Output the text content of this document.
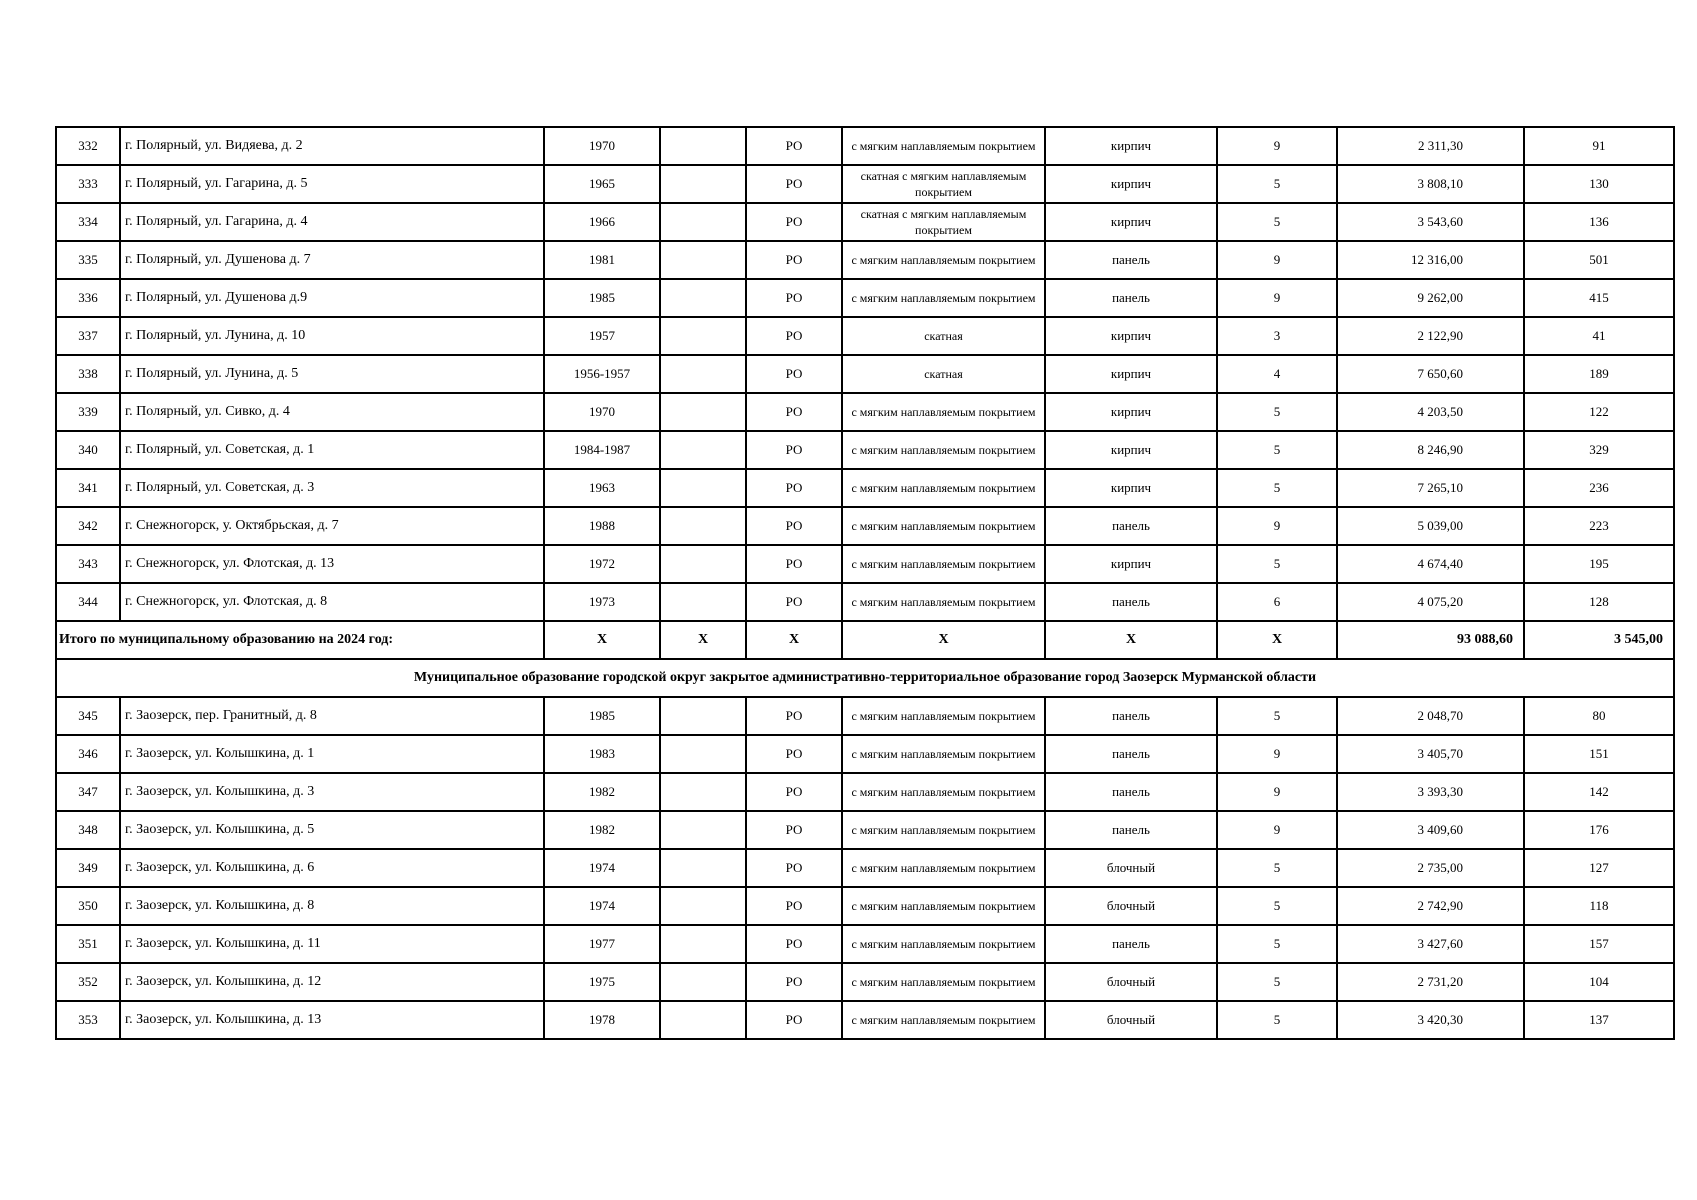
332	г. Полярный, ул. Видяева, д. 2	1970		РО	с мягким наплавляемым покрытием	кирпич	9	2 311,30	91
333	г. Полярный, ул. Гагарина, д. 5	1965		РО	скатная с мягким наплавляемым покрытием	кирпич	5	3 808,10	130
334	г. Полярный, ул. Гагарина, д. 4	1966		РО	скатная с мягким наплавляемым покрытием	кирпич	5	3 543,60	136
335	г. Полярный, ул. Душенова д. 7	1981		РО	с мягким наплавляемым покрытием	панель	9	12 316,00	501
336	г. Полярный, ул. Душенова д.9	1985		РО	с мягким наплавляемым покрытием	панель	9	9 262,00	415
337	г. Полярный, ул. Лунина, д. 10	1957		РО	скатная	кирпич	3	2 122,90	41
338	г. Полярный, ул. Лунина, д. 5	1956-1957		РО	скатная	кирпич	4	7 650,60	189
339	г. Полярный, ул. Сивко, д. 4	1970		РО	с мягким наплавляемым покрытием	кирпич	5	4 203,50	122
340	г. Полярный, ул. Советская, д. 1	1984-1987		РО	с мягким наплавляемым покрытием	кирпич	5	8 246,90	329
341	г. Полярный, ул. Советская, д. 3	1963		РО	с мягким наплавляемым покрытием	кирпич	5	7 265,10	236
342	г. Снежногорск, у. Октябрьская, д. 7	1988		РО	с мягким наплавляемым покрытием	панель	9	5 039,00	223
343	г. Снежногорск, ул. Флотская, д. 13	1972		РО	с мягким наплавляемым покрытием	кирпич	5	4 674,40	195
344	г. Снежногорск, ул. Флотская, д. 8	1973		РО	с мягким наплавляемым покрытием	панель	6	4 075,20	128
Итого по муниципальному образованию на 2024 год:		Х	Х	Х	Х	Х	Х	93 088,60	3 545,00
Муниципальное образование городской округ закрытое административно-территориальное образование город Заозерск Мурманской области									
345	г. Заозерск, пер. Гранитный, д. 8	1985		РО	с мягким наплавляемым покрытием	панель	5	2 048,70	80
346	г. Заозерск, ул. Колышкина, д. 1	1983		РО	с мягким наплавляемым покрытием	панель	9	3 405,70	151
347	г. Заозерск, ул. Колышкина, д. 3	1982		РО	с мягким наплавляемым покрытием	панель	9	3 393,30	142
348	г. Заозерск, ул. Колышкина, д. 5	1982		РО	с мягким наплавляемым покрытием	панель	9	3 409,60	176
349	г. Заозерск, ул. Колышкина, д. 6	1974		РО	с мягким наплавляемым покрытием	блочный	5	2 735,00	127
350	г. Заозерск, ул. Колышкина, д. 8	1974		РО	с мягким наплавляемым покрытием	блочный	5	2 742,90	118
351	г. Заозерск, ул. Колышкина, д. 11	1977		РО	с мягким наплавляемым покрытием	панель	5	3 427,60	157
352	г. Заозерск, ул. Колышкина, д. 12	1975		РО	с мягким наплавляемым покрытием	блочный	5	2 731,20	104
353	г. Заозерск, ул. Колышкина, д. 13	1978		РО	с мягким наплавляемым покрытием	блочный	5	3 420,30	137
